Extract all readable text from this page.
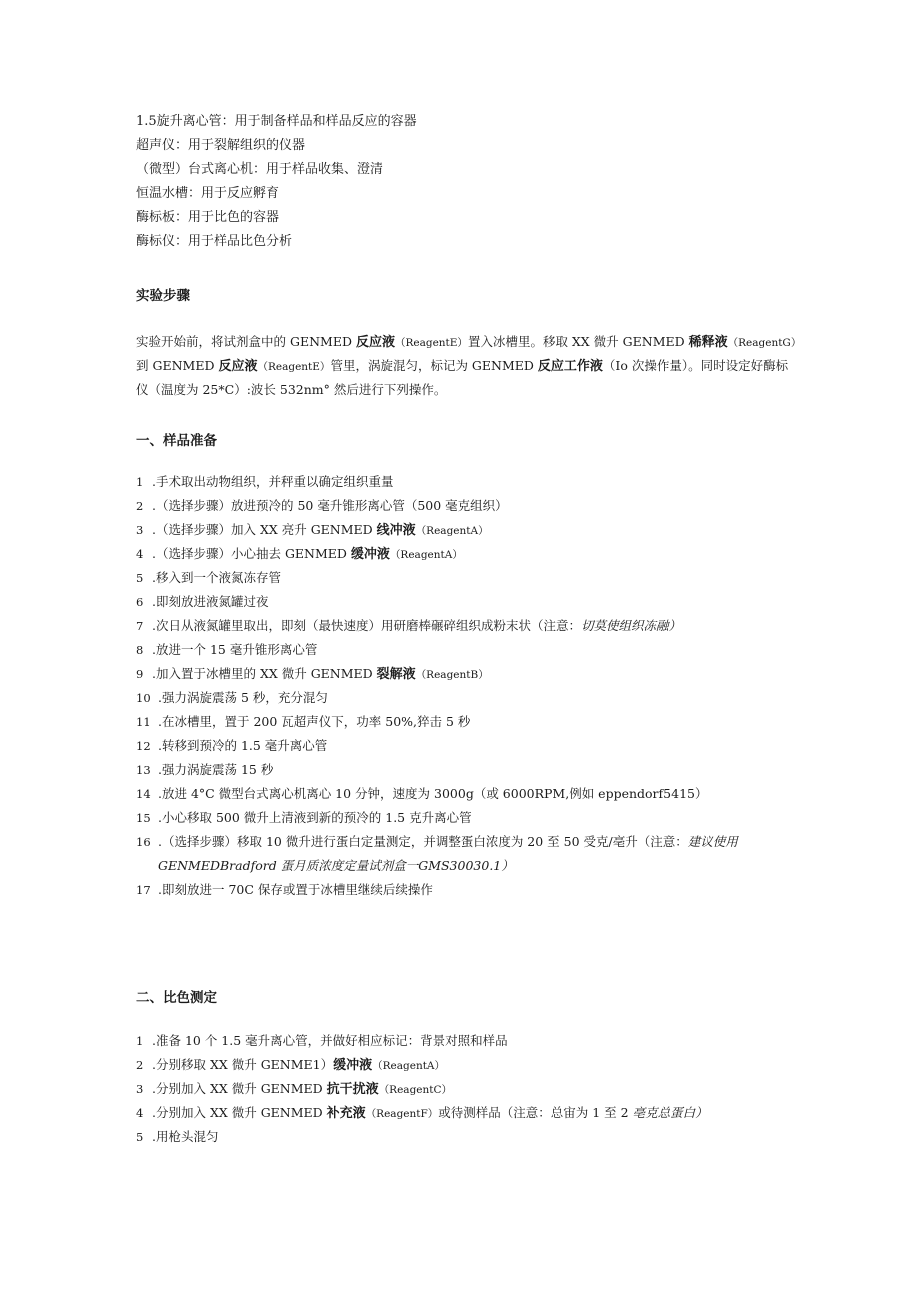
1.5旋升离心管：用于制备样品和样品反应的容器
超声仪：用于裂解组织的仪器
（微型）台式离心机：用于样品收集、澄清
恒温水槽：用于反应孵育
酶标板：用于比色的容器
酶标仪：用于样品比色分析
实验步骤
实验开始前，将试剂盒中的 GENMED 反应液（ReagentE）置入冰槽里。移取 XX 微升 GENMED 稀释液（ReagentG）
到 GENMED 反应液（ReagentE）管里，涡旋混匀，标记为 GENMED 反应工作液（Io 次操作量）。同时设定好酶标
仪（温度为 25*C）:波长 532nm° 然后进行下列操作。
一、样品准备
1 .手术取出动物组织，并秤重以确定组织重量
2 .（选择步骤）放进预冷的 50 毫升锥形离心管（500 毫克组织）
3 .（选择步骤）加入 XX 亮升 GENMED 线冲液（ReagentA）
4 .（选择步骤）小心抽去 GENMED 缓冲液（ReagentA）
5 .移入到一个液氮冻存管
6 .即刻放进液氮罐过夜
7 .次日从液氮罐里取出，即刻（最快速度）用研磨棒碾碎组织成粉末状（注意：切莫使组织冻融）
8 .放进一个 15 毫升锥形离心管
9 .加入置于冰槽里的 XX 微升 GENMED 裂解液（ReagentB）
10 .强力涡旋震荡 5 秒，充分混匀
11 .在冰槽里，置于 200 瓦超声仪下，功率 50%,猝击 5 秒
12 .转移到预冷的 1.5 毫升离心管
13 .强力涡旋震荡 15 秒
14 .放进 4°C 微型台式离心机离心 10 分钟，速度为 3000g（或 6000RPM,例如 eppendorf5415）
15 .小心移取 500 微升上清液到新的预冷的 1.5 克升离心管
16 .（选择步骤）移取 10 微升进行蛋白定量测定，并调整蛋白浓度为 20 至 50 受克/亳升（注意：建议使用 GENMEDBradford 蛋月质浓度定量试剂盒一GMS30030.1）
17 .即刻放进一 70C 保存或置于冰槽里继续后续操作
二、比色测定
1 .准备 10 个 1.5 毫升离心管，并做好相应标记：背景对照和样品
2 .分别移取 XX 微升 GENME1）缓冲液（ReagentA）
3 .分别加入 XX 微升 GENMED 抗干扰液（ReagentC）
4 .分别加入 XX 微升 GENMED 补充液（ReagentF）或待测样品（注意：总宙为 1 至 2 亳克总蛋白）
5 .用枪头混匀
